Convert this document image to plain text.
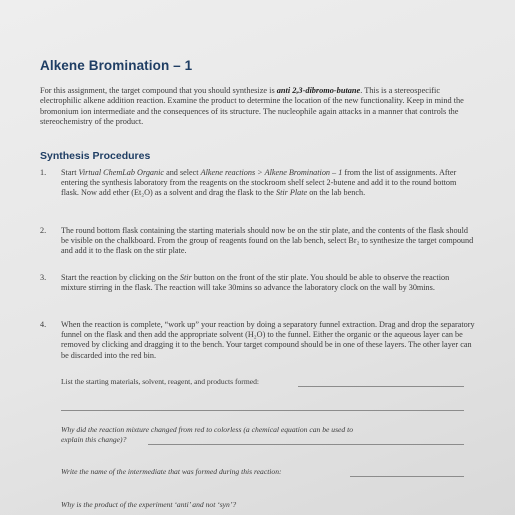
Alkene Bromination – 1
For this assignment, the target compound that you should synthesize is anti 2,3-dibromo-butane. This is a stereospecific electrophilic alkene addition reaction. Examine the product to determine the location of the new functionality. Keep in mind the bromonium ion intermediate and the consequences of its structure. The nucleophile again attacks in a manner that controls the stereochemistry of the product.
Synthesis Procedures
1.	Start Virtual ChemLab Organic and select Alkene reactions > Alkene Bromination – 1 from the list of assignments. After entering the synthesis laboratory from the reagents on the stockroom shelf select 2-butene and add it to the round bottom flask. Now add ether (Et₂O) as a solvent and drag the flask to the Stir Plate on the lab bench.
2.	The round bottom flask containing the starting materials should now be on the stir plate, and the contents of the flask should be visible on the chalkboard. From the group of reagents found on the lab bench, select Br₂ to synthesize the target compound and add it to the flask on the stir plate.
3.	Start the reaction by clicking on the Stir button on the front of the stir plate. You should be able to observe the reaction mixture stirring in the flask. The reaction will take 30mins so advance the laboratory clock on the wall by 30mins.
4.	When the reaction is complete, “work up” your reaction by doing a separatory funnel extraction. Drag and drop the separatory funnel on the flask and then add the appropriate solvent (H₂O) to the funnel. Either the organic or the aqueous layer can be removed by clicking and dragging it to the bench. Your target compound should be in one of these layers. The other layer can be discarded into the red bin.
List the starting materials, solvent, reagent, and products formed:
Why did the reaction mixture changed from red to colorless (a chemical equation can be used to
explain this change)?
Write the name of the intermediate that was formed during this reaction:
Why is the product of the experiment ‘anti’ and not ‘syn’?
